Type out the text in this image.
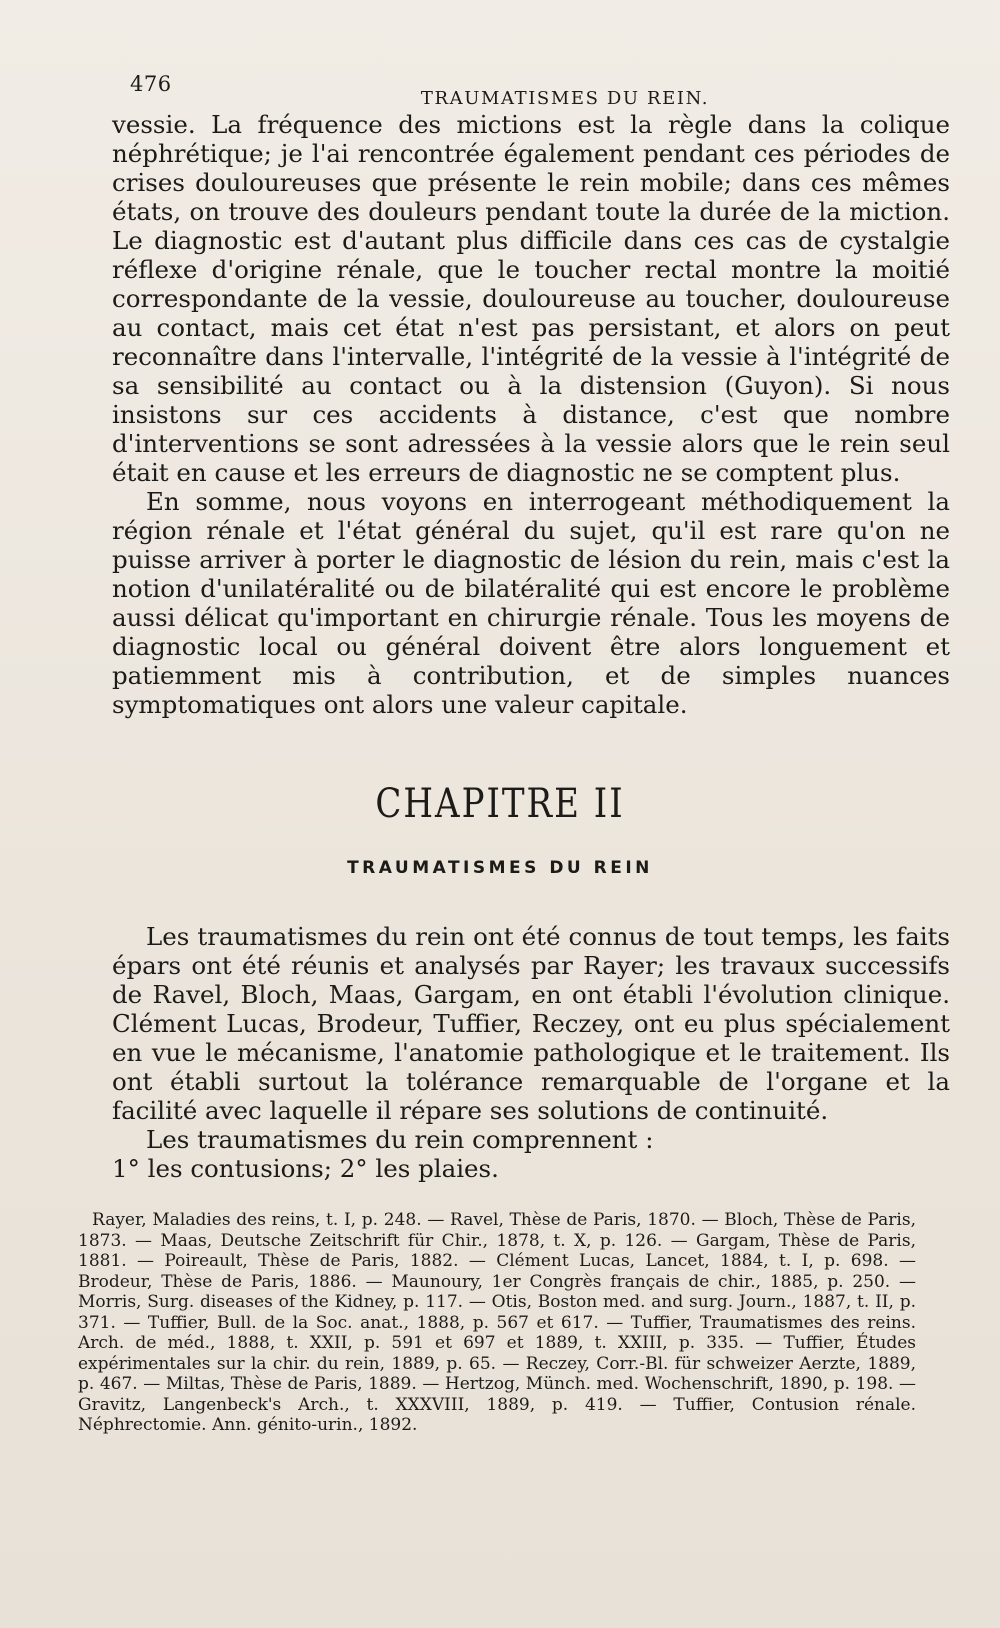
476
TRAUMATISMES DU REIN.

vessie. La fréquence des mictions est la règle dans la colique néphrétique; je l'ai rencontrée également pendant ces périodes de crises douloureuses que présente le rein mobile; dans ces mêmes états, on trouve des douleurs pendant toute la durée de la miction. Le diagnostic est d'autant plus difficile dans ces cas de cystalgie réflexe d'origine rénale, que le toucher rectal montre la moitié correspondante de la vessie, douloureuse au toucher, douloureuse au contact, mais cet état n'est pas persistant, et alors on peut reconnaître dans l'intervalle, l'intégrité de la vessie à l'intégrité de sa sensibilité au contact ou à la distension (Guyon). Si nous insistons sur ces accidents à distance, c'est que nombre d'interventions se sont adressées à la vessie alors que le rein seul était en cause et les erreurs de diagnostic ne se comptent plus.

En somme, nous voyons en interrogeant méthodiquement la région rénale et l'état général du sujet, qu'il est rare qu'on ne puisse arriver à porter le diagnostic de lésion du rein, mais c'est la notion d'unilatéralité ou de bilatéralité qui est encore le problème aussi délicat qu'important en chirurgie rénale. Tous les moyens de diagnostic local ou général doivent être alors longuement et patiemment mis à contribution, et de simples nuances symptomatiques ont alors une valeur capitale.

CHAPITRE II
TRAUMATISMES DU REIN

Les traumatismes du rein ont été connus de tout temps, les faits épars ont été réunis et analysés par Rayer; les travaux successifs de Ravel, Bloch, Maas, Gargam, en ont établi l'évolution clinique. Clément Lucas, Brodeur, Tuffier, Reczey, ont eu plus spécialement en vue le mécanisme, l'anatomie pathologique et le traitement. Ils ont établi surtout la tolérance remarquable de l'organe et la facilité avec laquelle il répare ses solutions de continuité.

Les traumatismes du rein comprennent :

1° les contusions; 2° les plaies.

Rayer, Maladies des reins, t. I, p. 248. — Ravel, Thèse de Paris, 1870. — Bloch, Thèse de Paris, 1873. — Maas, Deutsche Zeitschrift für Chir., 1878, t. X, p. 126. — Gargam, Thèse de Paris, 1881. — Poireault, Thèse de Paris, 1882. — Clément Lucas, Lancet, 1884, t. I, p. 698. — Brodeur, Thèse de Paris, 1886. — Maunoury, 1er Congrès français de chir., 1885, p. 250. — Morris, Surg. diseases of the Kidney, p. 117. — Otis, Boston med. and surg. Journ., 1887, t. II, p. 371. — Tuffier, Bull. de la Soc. anat., 1888, p. 567 et 617. — Tuffier, Traumatismes des reins. Arch. de méd., 1888, t. XXII, p. 591 et 697 et 1889, t. XXIII, p. 335. — Tuffier, Études expérimentales sur la chir. du rein, 1889, p. 65. — Reczey, Corr.-Bl. für schweizer Aerzte, 1889, p. 467. — Miltas, Thèse de Paris, 1889. — Hertzog, Münch. med. Wochenschrift, 1890, p. 198. — Gravitz, Langenbeck's Arch., t. XXXVIII, 1889, p. 419. — Tuffier, Contusion rénale. Néphrectomie. Ann. génito-urin., 1892.
